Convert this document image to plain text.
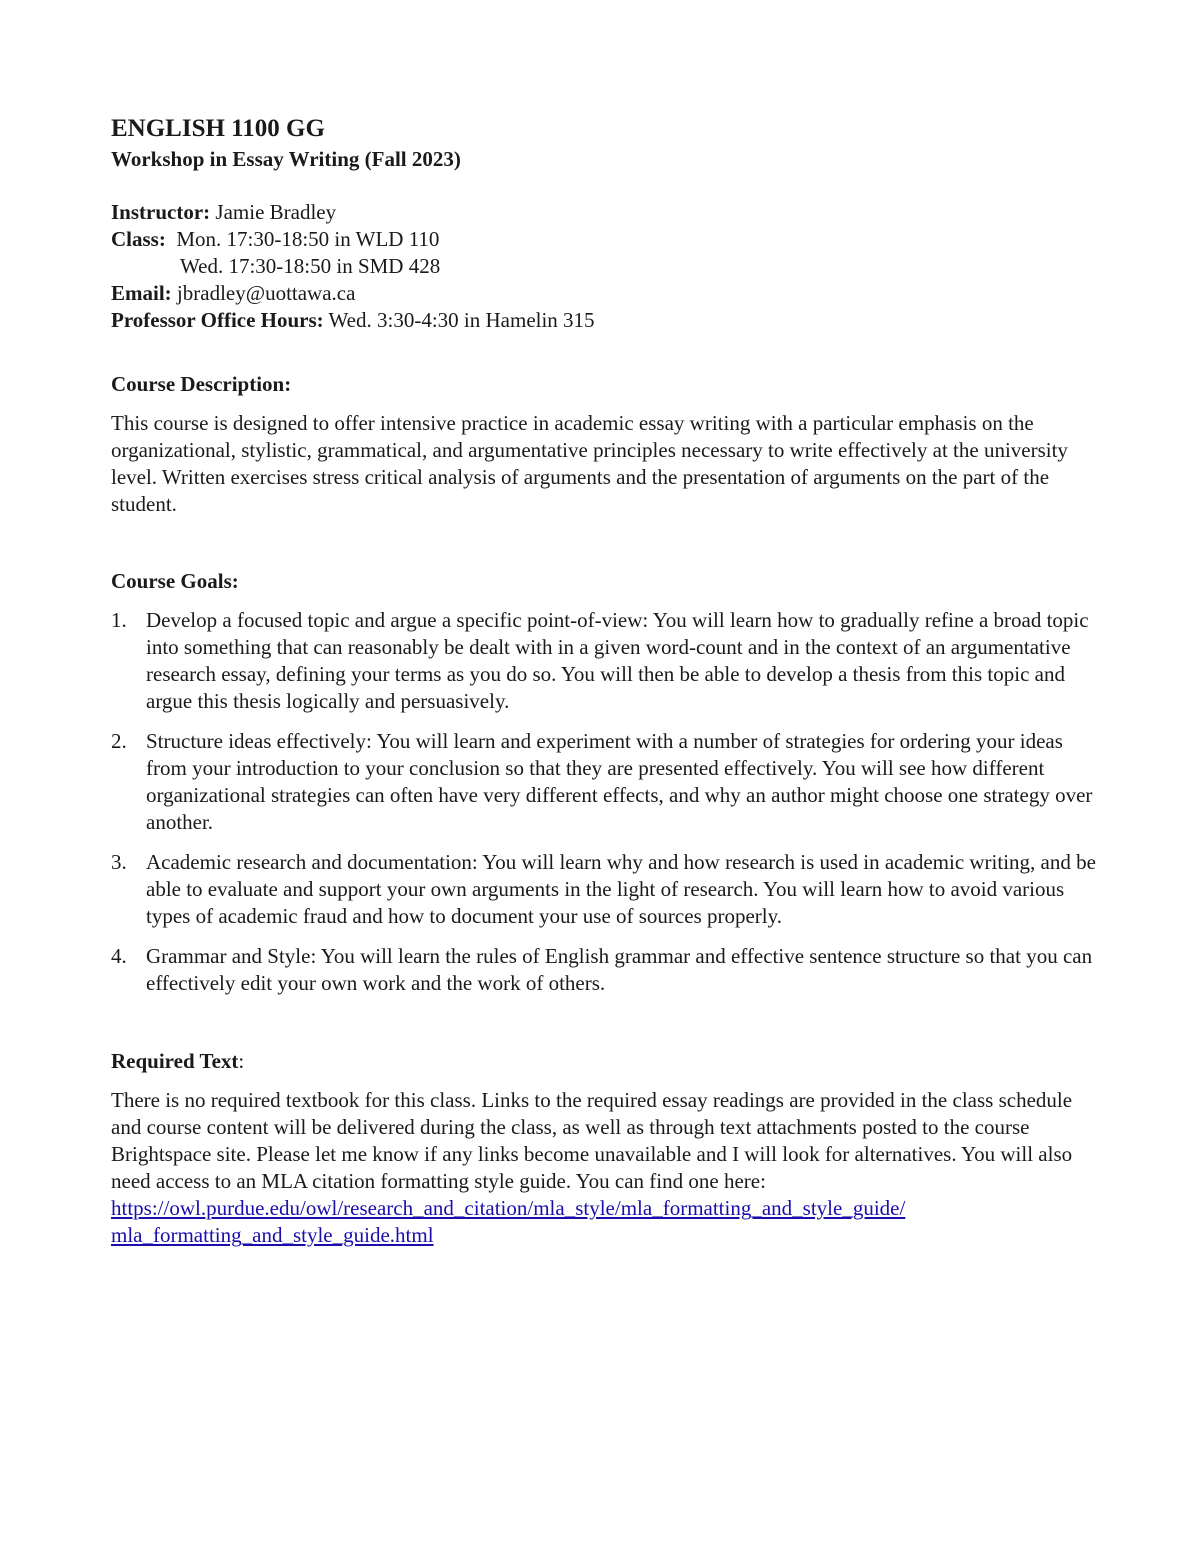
ENGLISH 1100 GG
Workshop in Essay Writing (Fall 2023)
Instructor: Jamie Bradley
Class:  Mon. 17:30-18:50 in WLD 110
Wed. 17:30-18:50 in SMD 428
Email: jbradley@uottawa.ca
Professor Office Hours: Wed. 3:30-4:30 in Hamelin 315
Course Description:

This course is designed to offer intensive practice in academic essay writing with a particular emphasis on the organizational, stylistic, grammatical, and argumentative principles necessary to write effectively at the university level. Written exercises stress critical analysis of arguments and the presentation of arguments on the part of the student.

Course Goals:
1. Develop a focused topic and argue a specific point-of-view: You will learn how to gradually refine a broad topic into something that can reasonably be dealt with in a given word-count and in the context of an argumentative research essay, defining your terms as you do so. You will then be able to develop a thesis from this topic and argue this thesis logically and persuasively.
2. Structure ideas effectively: You will learn and experiment with a number of strategies for ordering your ideas from your introduction to your conclusion so that they are presented effectively. You will see how different organizational strategies can often have very different effects, and why an author might choose one strategy over another.
3. Academic research and documentation: You will learn why and how research is used in academic writing, and be able to evaluate and support your own arguments in the light of research. You will learn how to avoid various types of academic fraud and how to document your use of sources properly.
4. Grammar and Style: You will learn the rules of English grammar and effective sentence structure so that you can effectively edit your own work and the work of others.
Required Text:

There is no required textbook for this class. Links to the required essay readings are provided in the class schedule and course content will be delivered during the class, as well as through text attachments posted to the course Brightspace site. Please let me know if any links become unavailable and I will look for alternatives. You will also need access to an MLA citation formatting style guide. You can find one here:
https://owl.purdue.edu/owl/research_and_citation/mla_style/mla_formatting_and_style_guide/
mla_formatting_and_style_guide.html
